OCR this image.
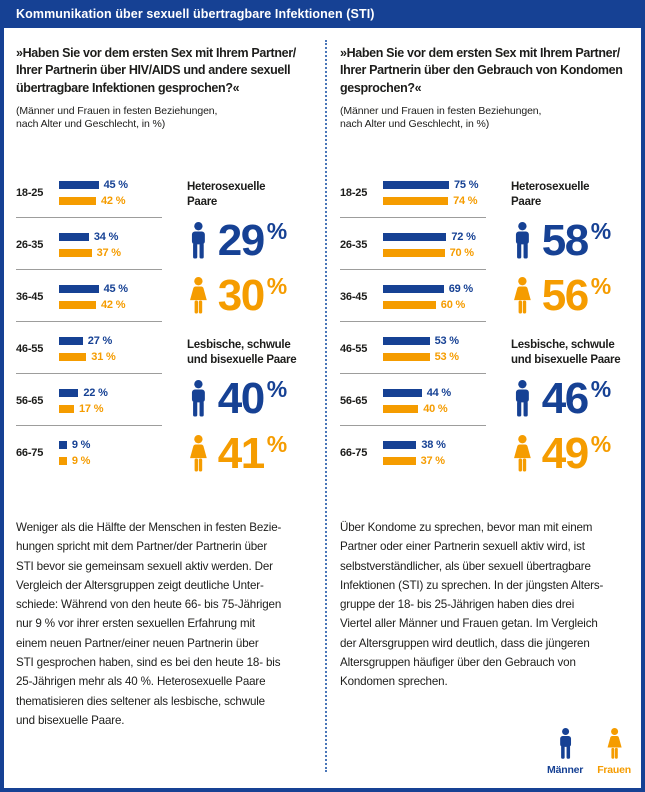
Kommunikation über sexuell übertragbare Infektionen (STI)
»Haben Sie vor dem ersten Sex mit Ihrem Partner/
Ihrer Partnerin über HIV/AIDS und andere sexuell
übertragbare Infektionen gesprochen?«
(Männer und Frauen in festen Beziehungen,
nach Alter und Geschlecht, in %)
18-25
45 %
42 %
26-35
34 %
37 %
36-45
45 %
42 %
46-55
27 %
31 %
56-65
22 %
17 %
66-75
9 %
9 %
Heterosexuelle
Paare
29 %
30 %
Lesbische, schwule
und bisexuelle Paare
40 %
41 %
Weniger als die Hälfte der Menschen in festen Bezie-
hungen spricht mit dem Partner/der Partnerin über
STI bevor sie gemeinsam sexuell aktiv werden. Der
Vergleich der Altersgruppen zeigt deutliche Unter-
schiede: Während von den heute 66- bis 75-Jährigen
nur 9 % vor ihrer ersten sexuellen Erfahrung mit
einem neuen Partner/einer neuen Partnerin über
STI gesprochen haben, sind es bei den heute 18- bis
25-Jährigen mehr als 40 %. Heterosexuelle Paare
thematisieren dies seltener als lesbische, schwule
und bisexuelle Paare.
»Haben Sie vor dem ersten Sex mit Ihrem Partner/
Ihrer Partnerin über den Gebrauch von Kondomen
gesprochen?«
(Männer und Frauen in festen Beziehungen,
nach Alter und Geschlecht, in %)
18-25
75 %
74 %
26-35
72 %
70 %
36-45
69 %
60 %
46-55
53 %
53 %
56-65
44 %
40 %
66-75
38 %
37 %
Heterosexuelle
Paare
58 %
56 %
Lesbische, schwule
und bisexuelle Paare
46 %
49 %
Über Kondome zu sprechen, bevor man mit einem
Partner oder einer Partnerin sexuell aktiv wird, ist
selbstverständlicher, als über sexuell übertragbare
Infektionen (STI) zu sprechen. In der jüngsten Alters-
gruppe der 18- bis 25-Jährigen haben dies drei
Viertel aller Männer und Frauen getan. Im Vergleich
der Altersgruppen wird deutlich, dass die jüngeren
Altersgruppen häufiger über den Gebrauch von
Kondomen sprechen.
Männer Frauen
